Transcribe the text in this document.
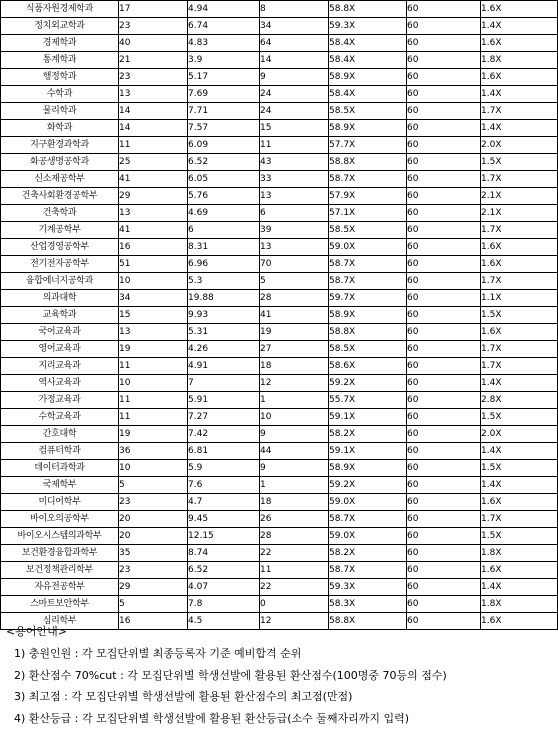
식품자원경제학과	17	4.94	8	58.8X	60	1.6X
정치외교학과	23	6.74	34	59.3X	60	1.4X
경제학과	40	4.83	64	58.4X	60	1.6X
통계학과	21	3.9	14	58.4X	60	1.8X
행정학과	23	5.17	9	58.9X	60	1.6X
수학과	13	7.69	24	58.4X	60	1.4X
물리학과	14	7.71	24	58.5X	60	1.7X
화학과	14	7.57	15	58.9X	60	1.4X
지구환경과학과	11	6.09	11	57.7X	60	2.0X
화공생명공학과	25	6.52	43	58.8X	60	1.5X
신소재공학부	41	6.05	33	58.7X	60	1.7X
건축사회환경공학부	29	5.76	13	57.9X	60	2.1X
건축학과	13	4.69	6	57.1X	60	2.1X
기계공학부	41	6	39	58.5X	60	1.7X
산업경영공학부	16	8.31	13	59.0X	60	1.6X
전기전자공학부	51	6.96	70	58.7X	60	1.6X
융합에너지공학과	10	5.3	5	58.7X	60	1.7X
의과대학	34	19.88	28	59.7X	60	1.1X
교육학과	15	9.93	41	58.9X	60	1.5X
국어교육과	13	5.31	19	58.8X	60	1.6X
영어교육과	19	4.26	27	58.5X	60	1.7X
지리교육과	11	4.91	18	58.6X	60	1.7X
역사교육과	10	7	12	59.2X	60	1.4X
가정교육과	11	5.91	1	55.7X	60	2.8X
수학교육과	11	7.27	10	59.1X	60	1.5X
간호대학	19	7.42	9	58.2X	60	2.0X
컴퓨터학과	36	6.81	44	59.1X	60	1.4X
데이터과학과	10	5.9	9	58.9X	60	1.5X
국제학부	5	7.6	1	59.2X	60	1.4X
미디어학부	23	4.7	18	59.0X	60	1.6X
바이오의공학부	20	9.45	26	58.7X	60	1.7X
바이오시스템의과학부	20	12.15	28	59.0X	60	1.5X
보건환경융합과학부	35	8.74	22	58.2X	60	1.8X
보건정책관리학부	23	6.52	11	58.7X	60	1.6X
자유전공학부	29	4.07	22	59.3X	60	1.4X
스마트보안학부	5	7.8	0	58.3X	60	1.8X
심리학부	16	4.5	12	58.8X	60	1.6X
<용어안내>
1) 충원인원 : 각 모집단위별 최종등록자 기준 예비합격 순위
2) 환산점수 70%cut : 각 모집단위별 학생선발에 활용된 환산점수(100명중 70등의 점수)
3) 최고점 : 각 모집단위별 학생선발에 활용된 환산점수의 최고점(만점)
4) 환산등급 : 각 모집단위별 학생선발에 활용된 환산등급(소수 둘째자리까지 입력)
